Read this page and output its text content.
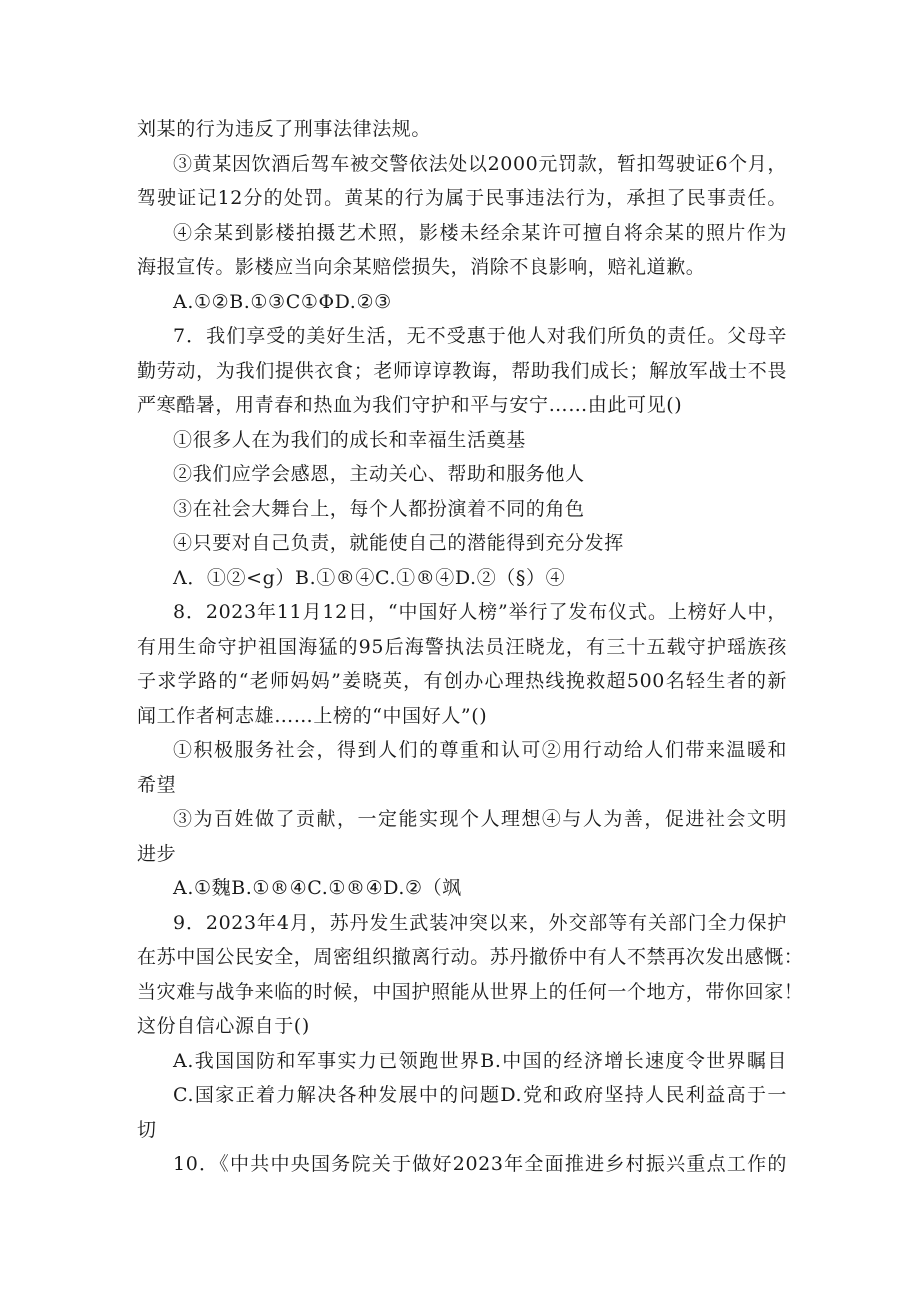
刘某的行为违反了刑事法律法规。
③黄某因饮酒后驾车被交警依法处以2000元罚款，暂扣驾驶证6个月，
驾驶证记12分的处罚。黄某的行为属于民事违法行为，承担了民事责任。
④余某到影楼拍摄艺术照，影楼未经余某许可擅自将余某的照片作为
海报宣传。影楼应当向余某赔偿损失，消除不良影响，赔礼道歉。
A.①②B.①③C①ΦD.②③
7．我们享受的美好生活，无不受惠于他人对我们所负的责任。父母辛
勤劳动，为我们提供衣食；老师谆谆教诲，帮助我们成长；解放军战士不畏
严寒酷暑，用青春和热血为我们守护和平与安宁……由此可见()
①很多人在为我们的成长和幸福生活奠基
②我们应学会感恩，主动关心、帮助和服务他人
③在社会大舞台上，每个人都扮演着不同的角色
④只要对自己负责，就能使自己的潜能得到充分发挥
Λ．①②<g）B.①®④C.①®④D.②（§）④
8．2023年11月12日，“中国好人榜”举行了发布仪式。上榜好人中，
有用生命守护祖国海猛的95后海警执法员汪晓龙，有三十五载守护瑶族孩
子求学路的“老师妈妈”姜晓英，有创办心理热线挽救超500名轻生者的新
闻工作者柯志雄……上榜的“中国好人”()
①积极服务社会，得到人们的尊重和认可②用行动给人们带来温暖和
希望
③为百姓做了贡献，一定能实现个人理想④与人为善，促进社会文明
进步
A.①魏B.①®④C.①®④D.②（飒
9．2023年4月，苏丹发生武装冲突以来，外交部等有关部门全力保护
在苏中国公民安全，周密组织撤离行动。苏丹撤侨中有人不禁再次发出感慨：
当灾难与战争来临的时候，中国护照能从世界上的任何一个地方，带你回家！
这份自信心源自于()
A.我国国防和军事实力已领跑世界B.中国的经济增长速度令世界瞩目
C.国家正着力解决各种发展中的问题D.党和政府坚持人民利益高于一
切
10．《中共中央国务院关于做好2023年全面推进乡村振兴重点工作的
